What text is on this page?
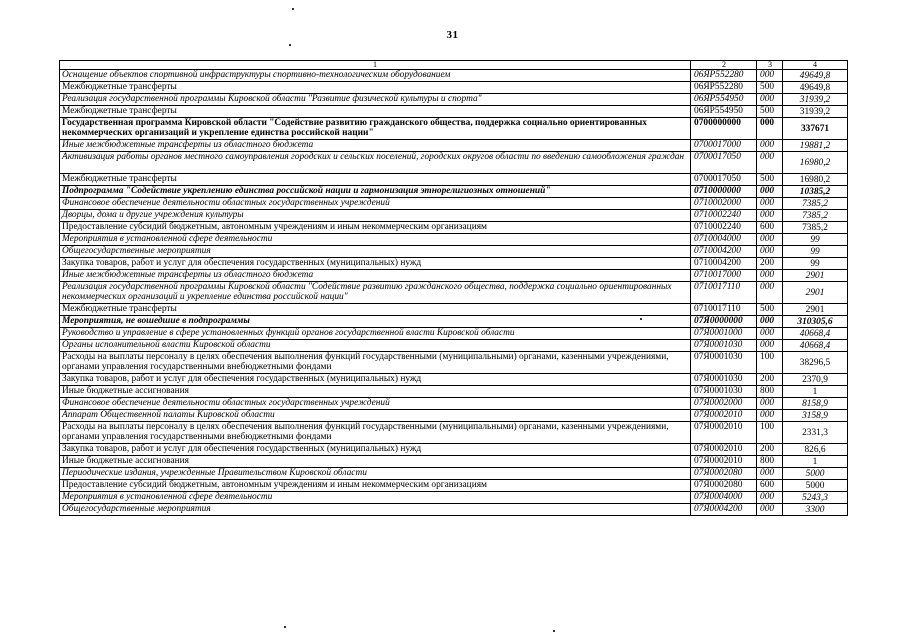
31
1	2	3	4
Оснащение объектов спортивной инфраструктуры спортивно-технологическим оборудованием	06ЯР552280	000	49649,8
Межбюджетные трансферты	06ЯР552280	500	49649,8
Реализация государственной программы Кировской области "Развитие физической культуры и спорта"	06ЯР554950	000	31939,2
Межбюджетные трансферты	06ЯР554950	500	31939,2
Государственная программа Кировской области "Содействие развитию гражданского общества, поддержка социально ориентированных некоммерческих организаций и укрепление единства российской нации"	0700000000	000	337671
Иные межбюджетные трансферты из областного бюджета	0700017000	000	19881,2
Активизация работы органов местного самоуправления городских и сельских поселений, городских округов области по введению самообложения граждан	0700017050	000	16980,2
Межбюджетные трансферты	0700017050	500	16980,2
Подпрограмма "Содействие укреплению единства российской нации и гармонизация этнорелигиозных отношений"	0710000000	000	10385,2
Финансовое обеспечение деятельности областных государственных учреждений	0710002000	000	7385,2
Дворцы, дома и другие учреждения культуры	0710002240	000	7385,2
Предоставление субсидий бюджетным, автономным учреждениям и иным некоммерческим организациям	0710002240	600	7385,2
Мероприятия в установленной сфере деятельности	0710004000	000	99
Общегосударственные мероприятия	0710004200	000	99
Закупка товаров, работ и услуг для обеспечения государственных (муниципальных) нужд	0710004200	200	99
Иные межбюджетные трансферты из областного бюджета	0710017000	000	2901
Реализация государственной программы Кировской области "Содействие развитию гражданского общества, поддержка социально ориентированных некоммерческих организаций и укрепление единства российской нации"	0710017110	000	2901
Межбюджетные трансферты	0710017110	500	2901
Мероприятия, не вошедшие в подпрограммы	07Я0000000	000	310305,6
Руководство и управление в сфере установленных функций органов государственной власти Кировской области	07Я0001000	000	40668,4
Органы исполнительной власти Кировской области	07Я0001030	000	40668,4
Расходы на выплаты персоналу в целях обеспечения выполнения функций государственными (муниципальными) органами, казенными учреждениями, органами управления государственными внебюджетными фондами	07Я0001030	100	38296,5
Закупка товаров, работ и услуг для обеспечения государственных (муниципальных) нужд	07Я0001030	200	2370,9
Иные бюджетные ассигнования	07Я0001030	800	1
Финансовое обеспечение деятельности областных государственных учреждений	07Я0002000	000	8158,9
Аппарат Общественной палаты Кировской области	07Я0002010	000	3158,9
Расходы на выплаты персоналу в целях обеспечения выполнения функций государственными (муниципальными) органами, казенными учреждениями, органами управления государственными внебюджетными фондами	07Я0002010	100	2331,3
Закупка товаров, работ и услуг для обеспечения государственных (муниципальных) нужд	07Я0002010	200	826,6
Иные бюджетные ассигнования	07Я0002010	800	1
Периодические издания, учрежденные Правительством Кировской области	07Я0002080	000	5000
Предоставление субсидий бюджетным, автономным учреждениям и иным некоммерческим организациям	07Я0002080	600	5000
Мероприятия в установленной сфере деятельности	07Я0004000	000	5243,3
Общегосударственные мероприятия	07Я0004200	000	3300
